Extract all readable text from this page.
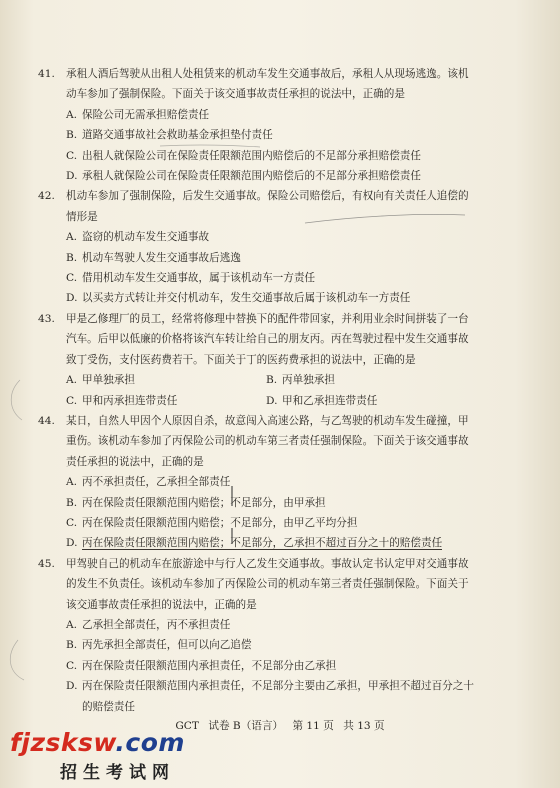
41. 承租人酒后驾驶从出租人处租赁来的机动车发生交通事故后，承租人从现场逃逸。该机
动车参加了强制保险。下面关于该交通事故责任承担的说法中，正确的是
A. 保险公司无需承担赔偿责任
B. 道路交通事故社会救助基金承担垫付责任
C. 出租人就保险公司在保险责任限额范围内赔偿后的不足部分承担赔偿责任
D. 承租人就保险公司在保险责任限额范围内赔偿后的不足部分承担赔偿责任
42. 机动车参加了强制保险，后发生交通事故。保险公司赔偿后，有权向有关责任人追偿的
情形是
A. 盗窃的机动车发生交通事故
B. 机动车驾驶人发生交通事故后逃逸
C. 借用机动车发生交通事故，属于该机动车一方责任
D. 以买卖方式转让并交付机动车，发生交通事故后属于该机动车一方责任
43. 甲是乙修理厂的员工，经常将修理中替换下的配件带回家，并利用业余时间拼装了一台
汽车。后甲以低廉的价格将该汽车转让给自己的朋友丙。丙在驾驶过程中发生交通事故
致丁受伤，支付医药费若干。下面关于丁的医药费承担的说法中，正确的是
A. 甲单独承担	B. 丙单独承担
C. 甲和丙承担连带责任	D. 甲和乙承担连带责任
44. 某日，自然人甲因个人原因自杀，故意闯入高速公路，与乙驾驶的机动车发生碰撞，甲
重伤。该机动车参加了丙保险公司的机动车第三者责任强制保险。下面关于该交通事故
责任承担的说法中，正确的是
A. 丙不承担责任，乙承担全部责任
B. 丙在保险责任限额范围内赔偿；不足部分，由甲承担
C. 丙在保险责任限额范围内赔偿；不足部分，由甲乙平均分担
D. 丙在保险责任限额范围内赔偿；不足部分，乙承担不超过百分之十的赔偿责任
45. 甲驾驶自己的机动车在旅游途中与行人乙发生交通事故。事故认定书认定甲对交通事故
的发生不负责任。该机动车参加了丙保险公司的机动车第三者责任强制保险。下面关于
该交通事故责任承担的说法中，正确的是
A. 乙承担全部责任，丙不承担责任
B. 丙先承担全部责任，但可以向乙追偿
C. 丙在保险责任限额范围内承担责任，不足部分由乙承担
D. 丙在保险责任限额范围内承担责任，不足部分主要由乙承担，甲承担不超过百分之十
的赔偿责任
GCT 试卷 B（语言） 第 11 页 共 13 页
fjzsksw.com
招生考试网
